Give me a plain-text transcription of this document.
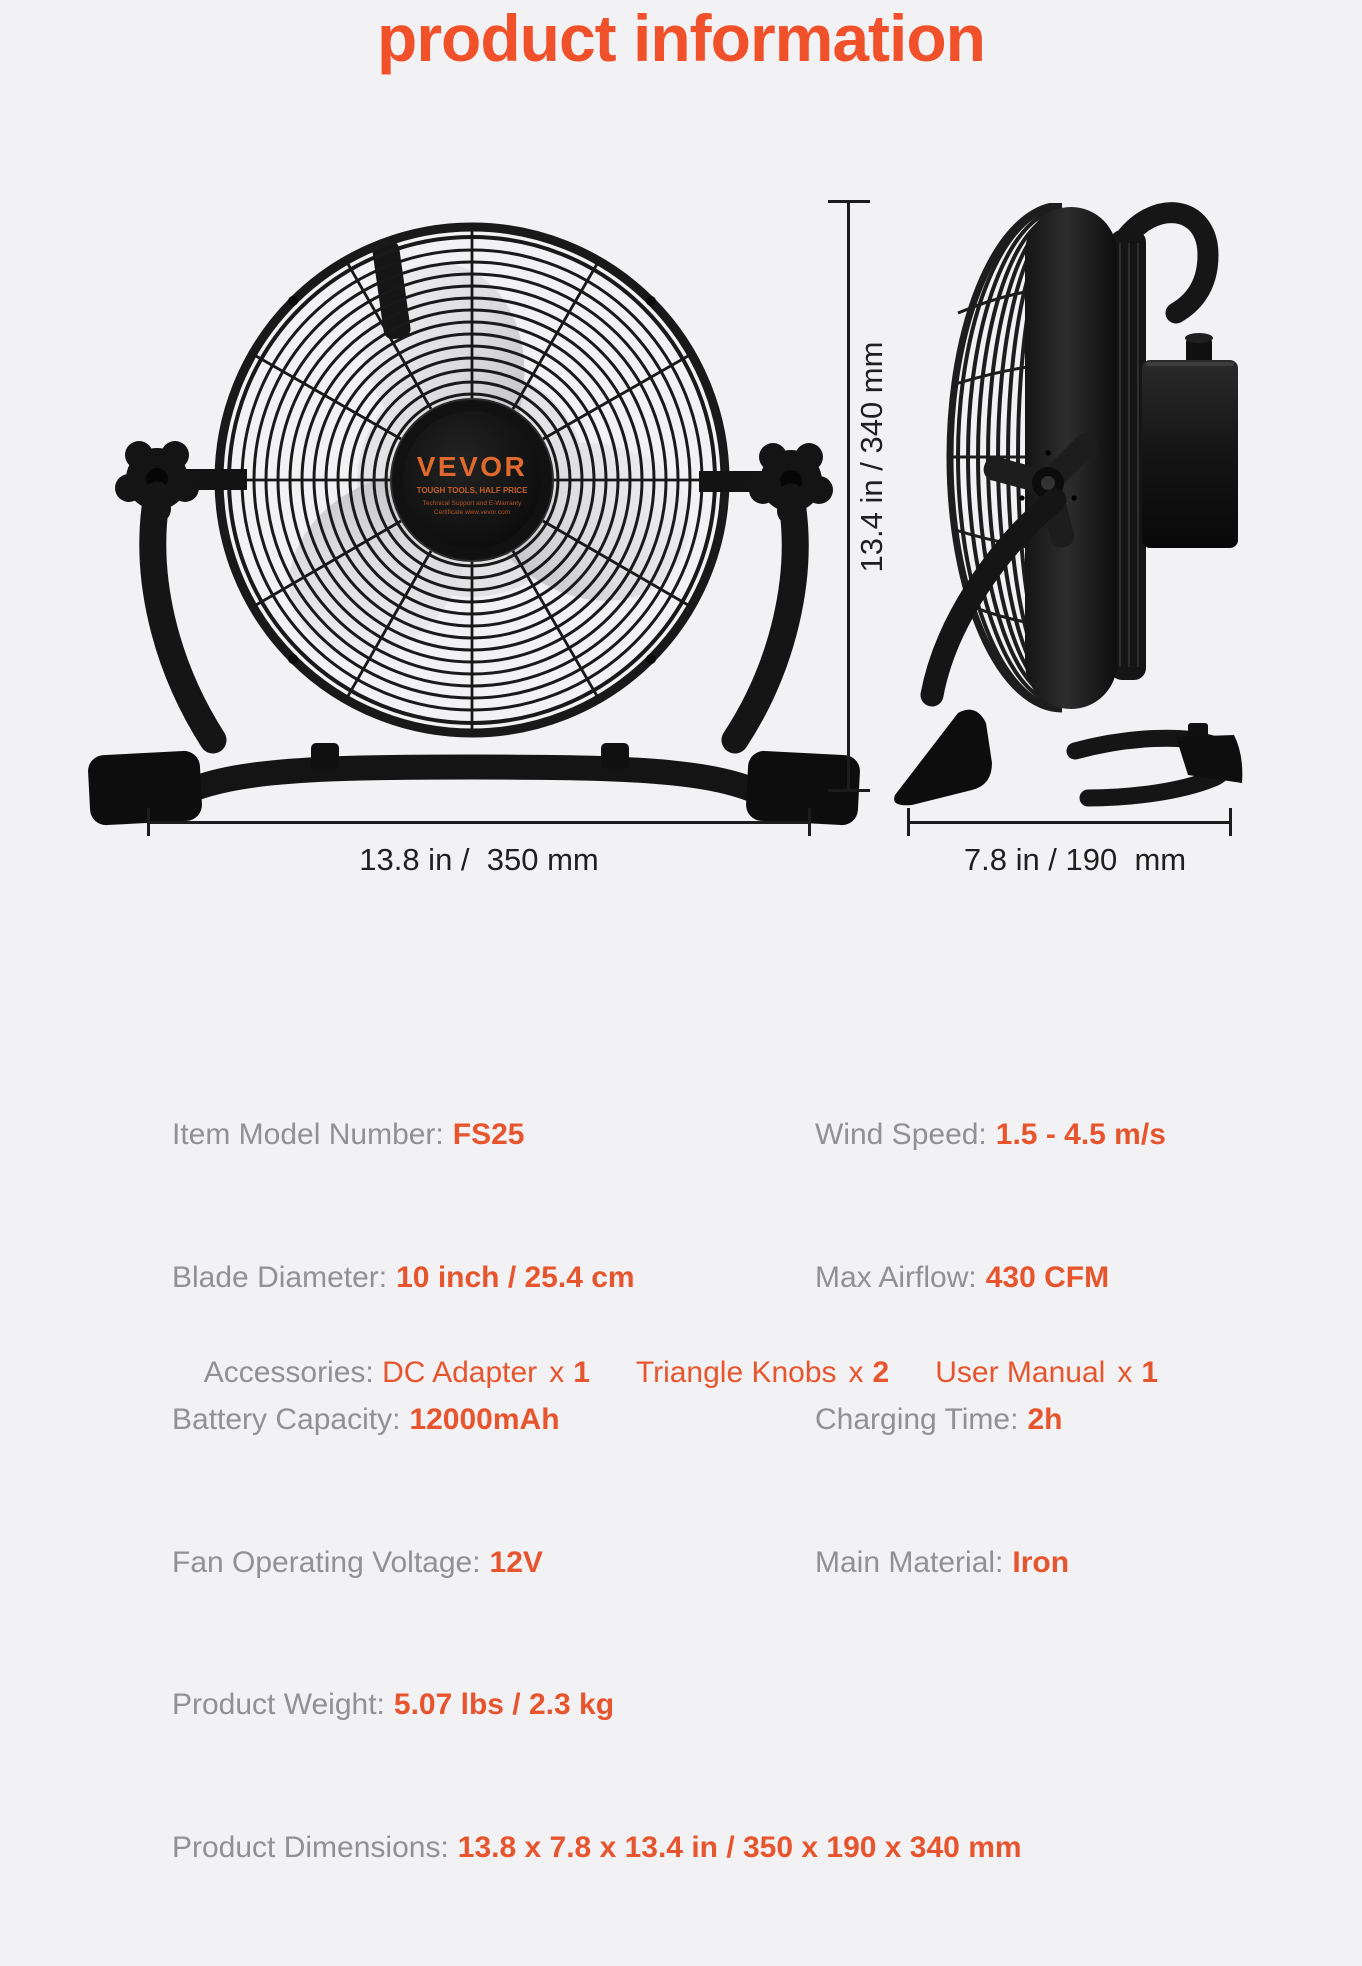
product information
VEVOR
TOUGH TOOLS, HALF PRICE
Technical Support and E-Warranty
Certificate www.vevor.com	13.4 in / 340 mm
13.8 in /  350 mm	7.8 in / 190  mm

Item Model Number: FS25

Blade Diameter: 10 inch / 25.4 cm

Battery Capacity: 12000mAh

Fan Operating Voltage: 12V

Product Weight: 5.07 lbs / 2.3 kg

Product Dimensions: 13.8 x 7.8 x 13.4 in / 350 x 190 x 340 mm

Wind Speed: 1.5 - 4.5 m/s

Max Airflow: 430 CFM

Charging Time: 2h

Main Material: Iron

Accessories: DC Adapter x 1 Triangle Knobs x 2 User Manual x 1
